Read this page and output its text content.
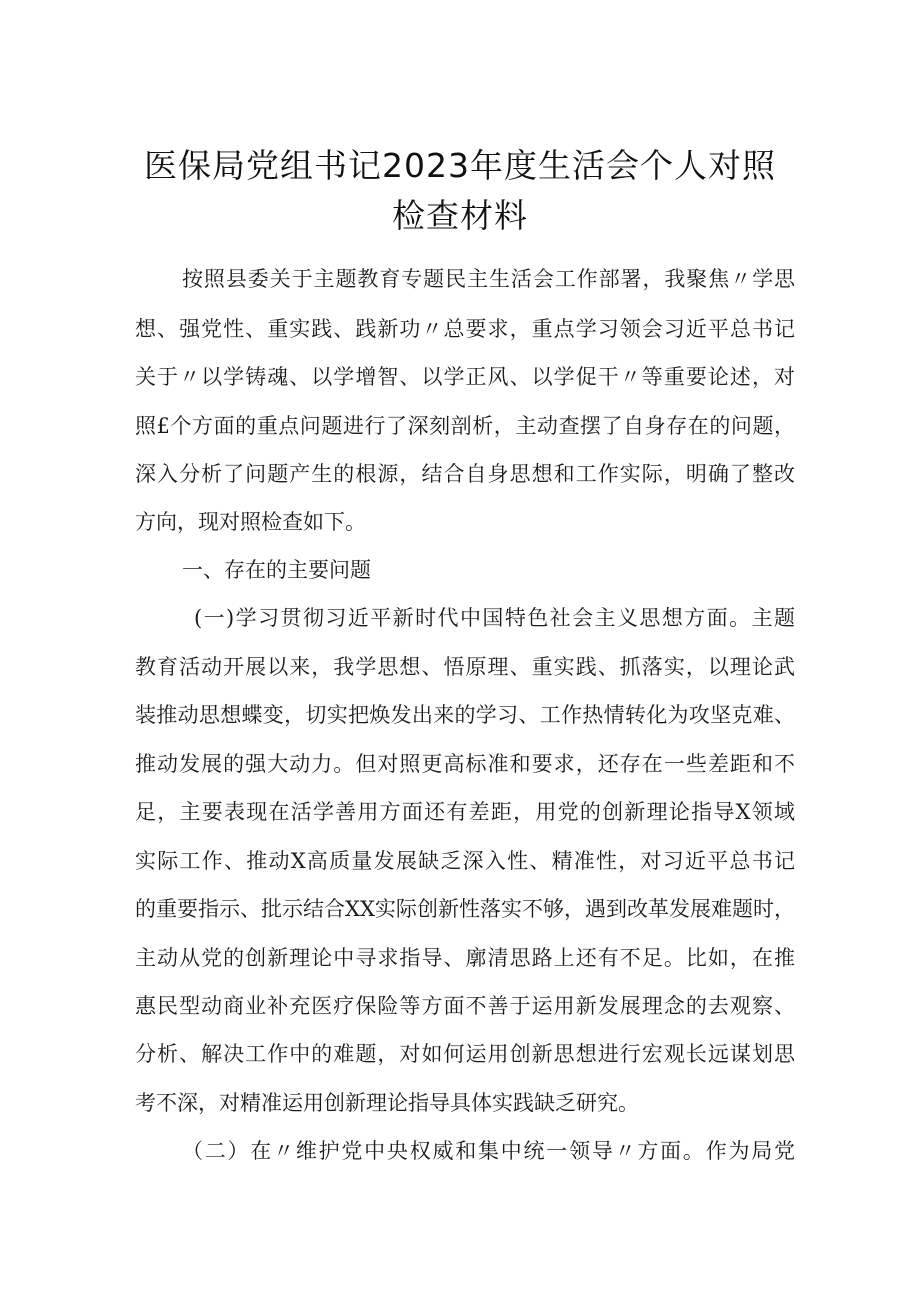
医保局党组书记2023年度生活会个人对照
检查材料
按照县委关于主题教育专题民主生活会工作部署，我聚焦〃学思
想、强党性、重实践、践新功〃总要求，重点学习领会习近平总书记
关于〃以学铸魂、以学增智、以学正风、以学促干〃等重要论述，对
照£个方面的重点问题进行了深刻剖析，主动查摆了自身存在的问题，
深入分析了问题产生的根源，结合自身思想和工作实际，明确了整改
方向，现对照检查如下。
一、存在的主要问题
(一)学习贯彻习近平新时代中国特色社会主义思想方面。主题
教育活动开展以来，我学思想、悟原理、重实践、抓落实，以理论武
装推动思想蝶变，切实把焕发出来的学习、工作热情转化为攻坚克难、
推动发展的强大动力。但对照更高标准和要求，还存在一些差距和不
足，主要表现在活学善用方面还有差距，用党的创新理论指导X领域
实际工作、推动X高质量发展缺乏深入性、精准性，对习近平总书记
的重要指示、批示结合XX实际创新性落实不够，遇到改革发展难题时，
主动从党的创新理论中寻求指导、廓清思路上还有不足。比如，在推
惠民型动商业补充医疗保险等方面不善于运用新发展理念的去观察、
分析、解决工作中的难题，对如何运用创新思想进行宏观长远谋划思
考不深，对精准运用创新理论指导具体实践缺乏研究。
（二）在〃维护党中央权威和集中统一领导〃方面。作为局党
